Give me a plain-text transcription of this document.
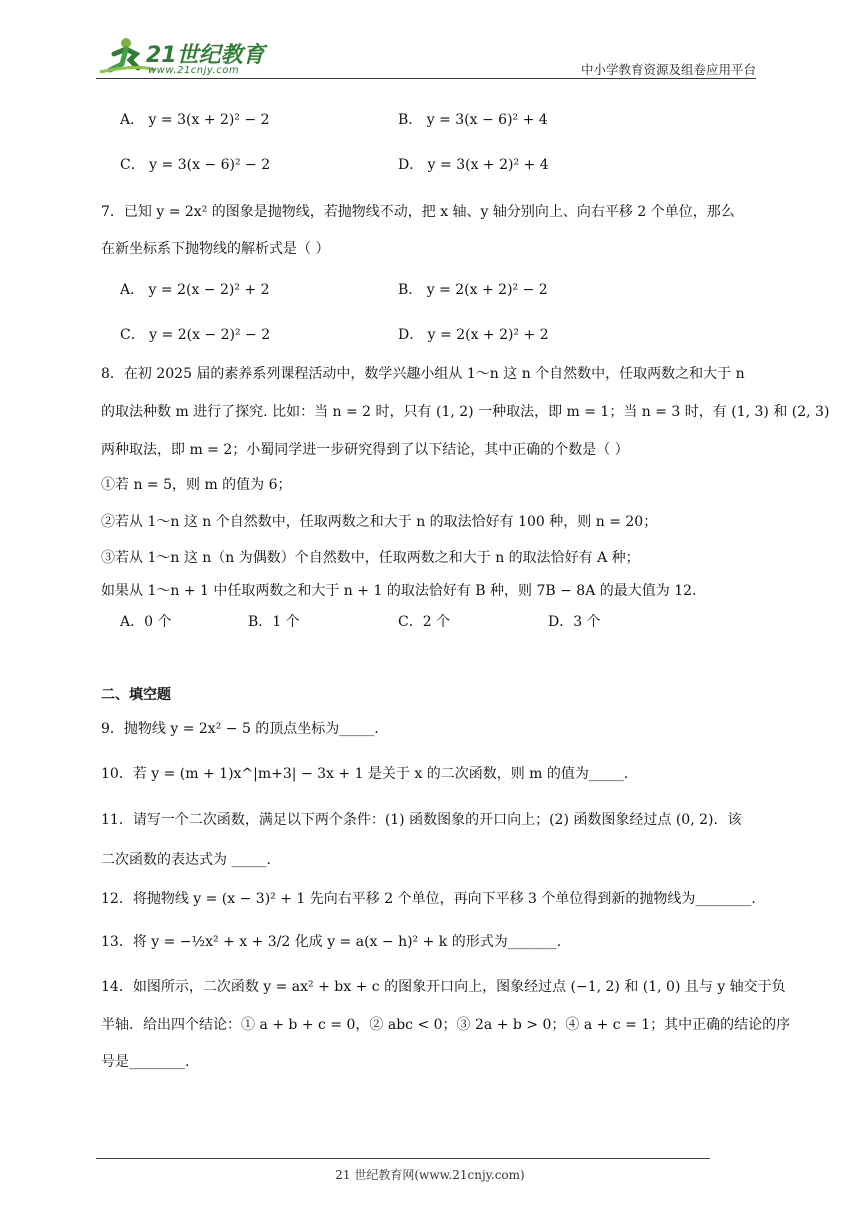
21世纪教育
www.21cnjy.com	中小学教育资源及组卷应用平台
A． y = 3(x + 2)² − 2	B． y = 3(x − 6)² + 4
C． y = 3(x − 6)² − 2	D． y = 3(x + 2)² + 4
7．已知 y = 2x² 的图象是抛物线，若抛物线不动，把 x 轴、y 轴分别向上、向右平移 2 个单位，那么
在新坐标系下抛物线的解析式是（ ）
A． y = 2(x − 2)² + 2	B． y = 2(x + 2)² − 2
C． y = 2(x − 2)² − 2	D． y = 2(x + 2)² + 2
8．在初 2025 届的素养系列课程活动中，数学兴趣小组从 1～n 这 n 个自然数中，任取两数之和大于 n
的取法种数 m 进行了探究. 比如：当 n = 2 时，只有 (1, 2) 一种取法，即 m = 1；当 n = 3 时，有 (1, 3) 和 (2, 3)
两种取法，即 m = 2；小蜀同学进一步研究得到了以下结论，其中正确的个数是（ ）
①若 n = 5，则 m 的值为 6；
②若从 1～n 这 n 个自然数中，任取两数之和大于 n 的取法恰好有 100 种，则 n = 20；
③若从 1～n 这 n（n 为偶数）个自然数中，任取两数之和大于 n 的取法恰好有 A 种；
如果从 1～n + 1 中任取两数之和大于 n + 1 的取法恰好有 B 种，则 7B − 8A 的最大值为 12.
A．0 个	B．1 个	C．2 个	D．3 个
二、填空题
9．抛物线 y = 2x² − 5 的顶点坐标为_____.
10．若 y = (m + 1)x^|m+3| − 3x + 1 是关于 x 的二次函数，则 m 的值为_____.
11．请写一个二次函数，满足以下两个条件：(1) 函数图象的开口向上；(2) 函数图象经过点 (0, 2)．该
二次函数的表达式为 _____.
12．将抛物线 y = (x − 3)² + 1 先向右平移 2 个单位，再向下平移 3 个单位得到新的抛物线为________.
13．将 y = −½x² + x + 3/2 化成 y = a(x − h)² + k 的形式为_______.
14．如图所示，二次函数 y = ax² + bx + c 的图象开口向上，图象经过点 (−1, 2) 和 (1, 0) 且与 y 轴交于负
半轴．给出四个结论：① a + b + c = 0，② abc < 0；③ 2a + b > 0；④ a + c = 1；其中正确的结论的序
号是________.
21 世纪教育网(www.21cnjy.com)
